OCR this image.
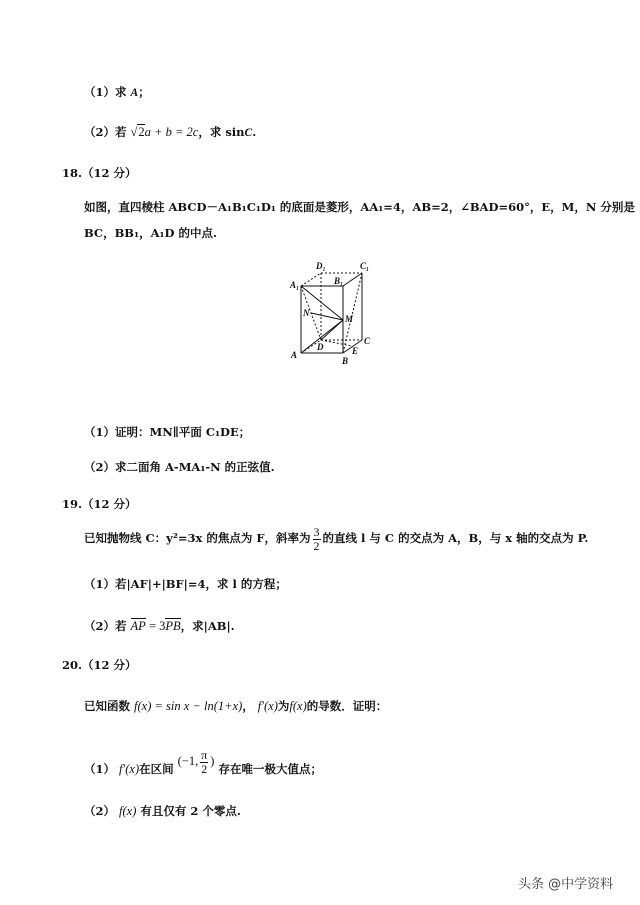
（1）求 A；
（2）若 √2a + b = 2c，求 sinC.
18.（12 分）
如图，直四棱柱 ABCD－A₁B₁C₁D₁ 的底面是菱形，AA₁=4，AB=2，∠BAD=60°，E，M，N 分别是
BC，BB₁，A₁D 的中点.
D₁	C₁
A₁	B₁
N
M
A
D
C
E
B
（1）证明：MN∥平面 C₁DE；
（2）求二面角 A-MA₁-N 的正弦值.
19.（12 分）
已知抛物线 C：y²=3x 的焦点为 F，斜率为 $\frac{3}{2}$ 的直线 l 与 C 的交点为 A，B，与 x 轴的交点为 P.
（1）若|AF|+|BF|=4，求 l 的方程；
（2）若 AP = 3PB，求|AB|.
20.（12 分）
已知函数 f(x) = sin x − ln(1+x)， f′(x)为f(x)的导数．证明：
（1） f′(x)在区间 (−1, $\frac{\pi}{2}$ ) 存在唯一极大值点；
（2） f(x) 有且仅有 2 个零点.
头条 @中学资料
